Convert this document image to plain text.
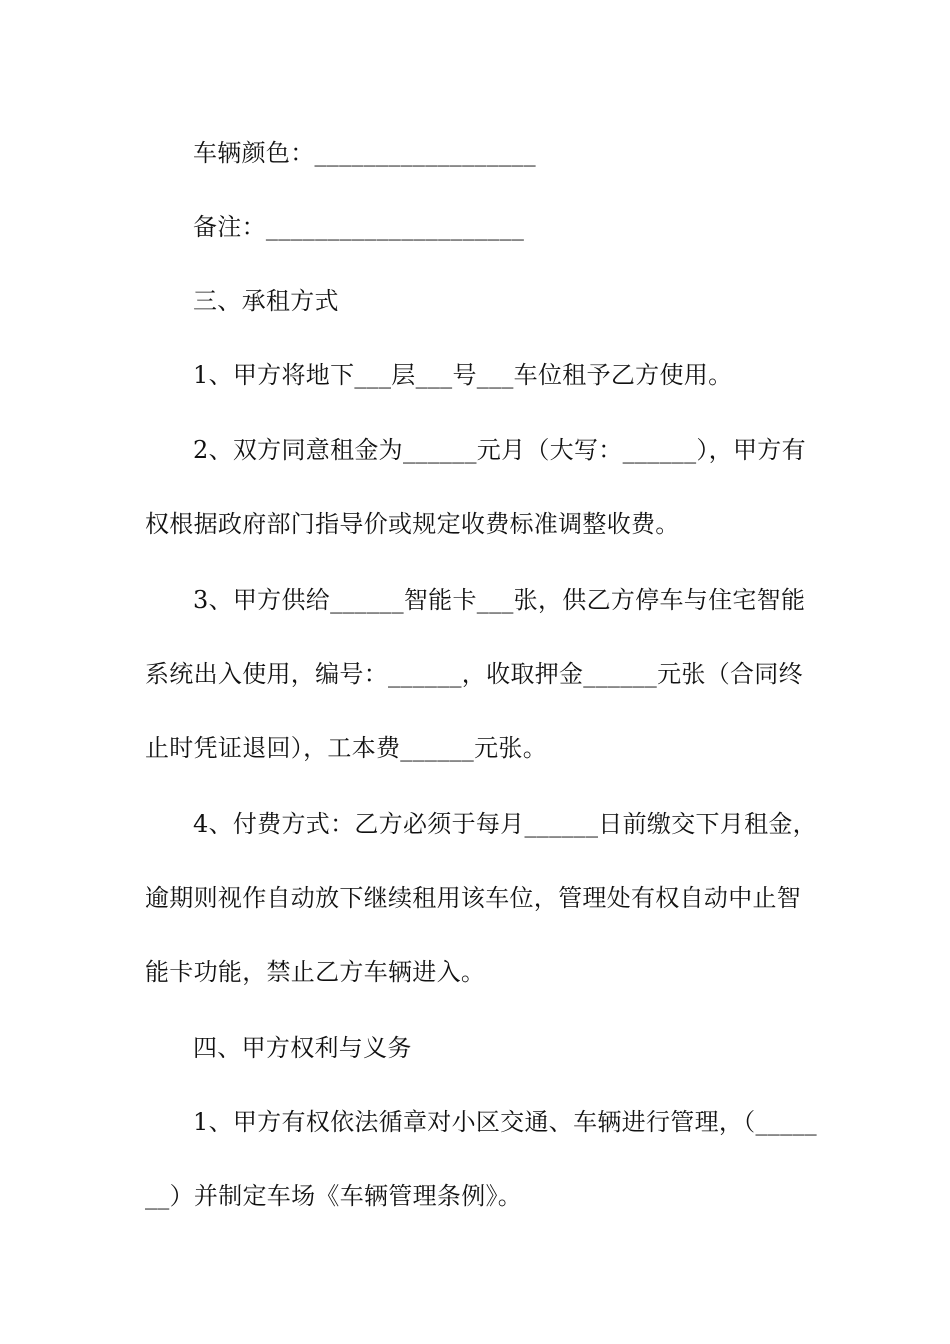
车辆颜色：__________________
备注：_____________________
三、承租方式
1、甲方将地下___层___号___车位租予乙方使用。
2、双方同意租金为______元月（大写：______），甲方有
权根据政府部门指导价或规定收费标准调整收费。
3、甲方供给______智能卡___张，供乙方停车与住宅智能
系统出入使用，编号：______，收取押金______元张（合同终
止时凭证退回），工本费______元张。
4、付费方式：乙方必须于每月______日前缴交下月租金，
逾期则视作自动放下继续租用该车位，管理处有权自动中止智
能卡功能，禁止乙方车辆进入。
四、甲方权利与义务
1、甲方有权依法循章对小区交通、车辆进行管理，（_____
__）并制定车场《车辆管理条例》。
